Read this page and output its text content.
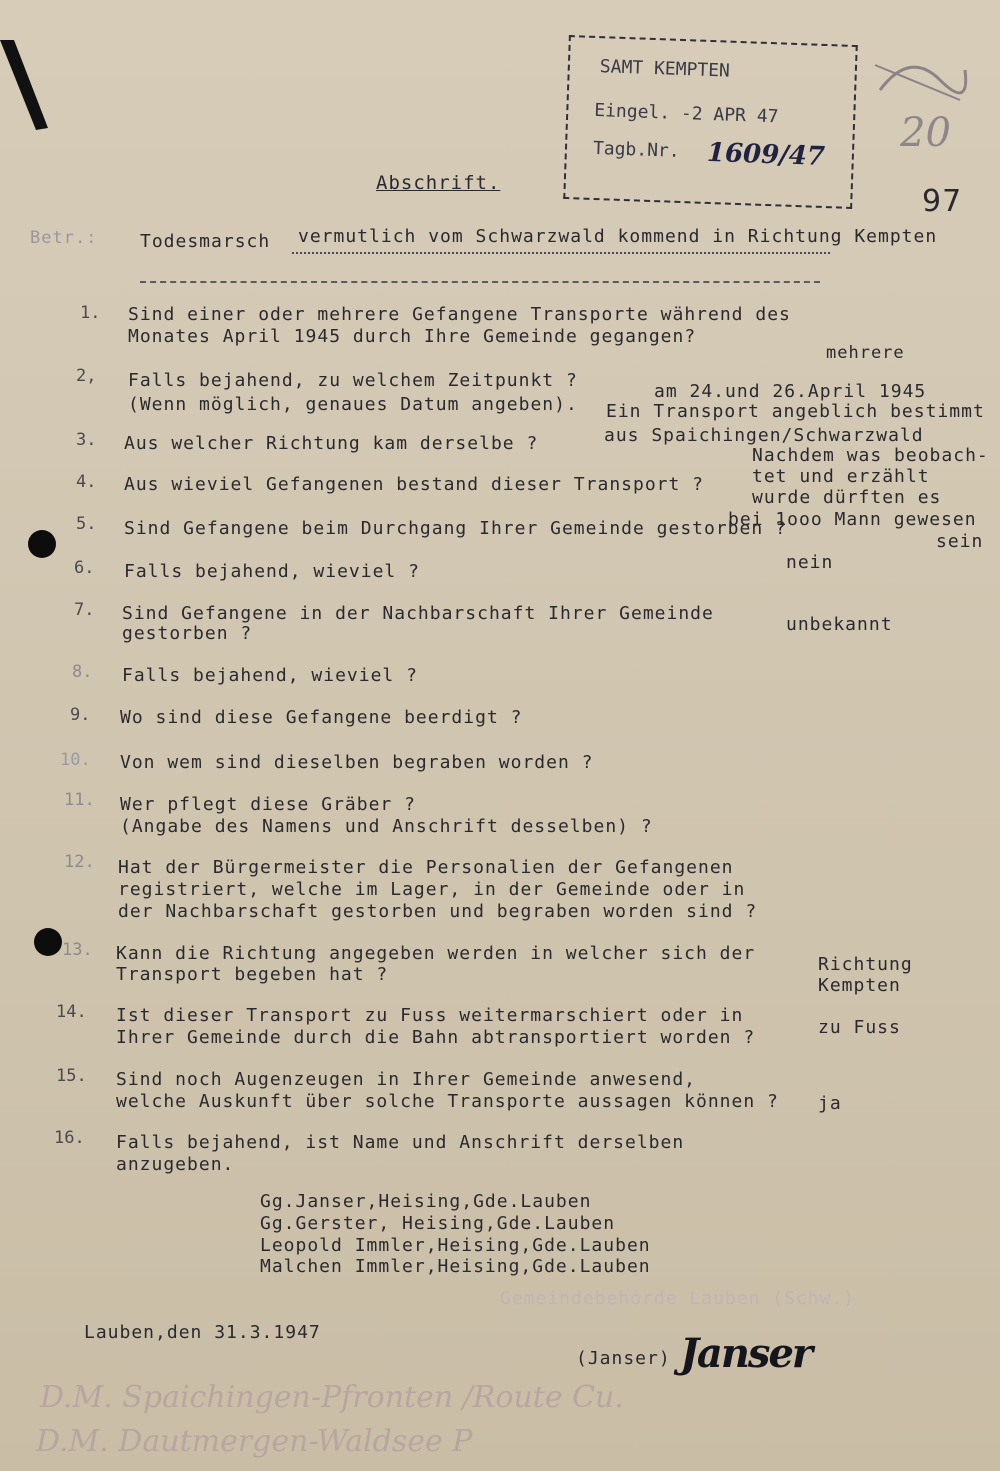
SAMT KEMPTEN
Eingel. -2 APR 47
Tagb.Nr. 1609/47 20
97
Abschrift.
Betr.: Todesmarsch vermutlich vom Schwarzwald kommend in Richtung Kempten
1. Sind einer oder mehrere Gefangene Transporte während des
Monates April 1945 durch Ihre Gemeinde gegangen?
2, Falls bejahend, zu welchem Zeitpunkt ?
(Wenn möglich, genaues Datum angeben).
3. Aus welcher Richtung kam derselbe ?
4. Aus wieviel Gefangenen bestand dieser Transport ?
5. Sind Gefangene beim Durchgang Ihrer Gemeinde gestorben ?
6. Falls bejahend, wieviel ?
7. Sind Gefangene in der Nachbarschaft Ihrer Gemeinde
gestorben ?
8. Falls bejahend, wieviel ?
9. Wo sind diese Gefangene beerdigt ?
10. Von wem sind dieselben begraben worden ?
11. Wer pflegt diese Gräber ?
(Angabe des Namens und Anschrift desselben) ?
12. Hat der Bürgermeister die Personalien der Gefangenen
registriert, welche im Lager, in der Gemeinde oder in
der Nachbarschaft gestorben und begraben worden sind ?
13. Kann die Richtung angegeben werden in welcher sich der
Transport begeben hat ?
14. Ist dieser Transport zu Fuss weitermarschiert oder in
Ihrer Gemeinde durch die Bahn abtransportiert worden ?
15. Sind noch Augenzeugen in Ihrer Gemeinde anwesend,
welche Auskunft über solche Transporte aussagen können ?
16. Falls bejahend, ist Name und Anschrift derselben
anzugeben.
mehrere
am 24.und 26.April 1945
Ein Transport angeblich bestimmt
aus Spaichingen/Schwarzwald
Nachdem was beobach-
tet und erzählt
wurde dürften es
bei 1ooo Mann gewesen
sein
nein
unbekannt
Richtung
Kempten
zu Fuss
ja
Gg.Janser,Heising,Gde.Lauben
Gg.Gerster, Heising,Gde.Lauben
Leopold Immler,Heising,Gde.Lauben
Malchen Immler,Heising,Gde.Lauben
Gemeindebehörde Lauben (Schw.)
Lauben,den 31.3.1947
(Janser) Janser
D.M. Spaichingen-Pfronten /Route Cu.
D.M. Dautmergen-Waldsee P
